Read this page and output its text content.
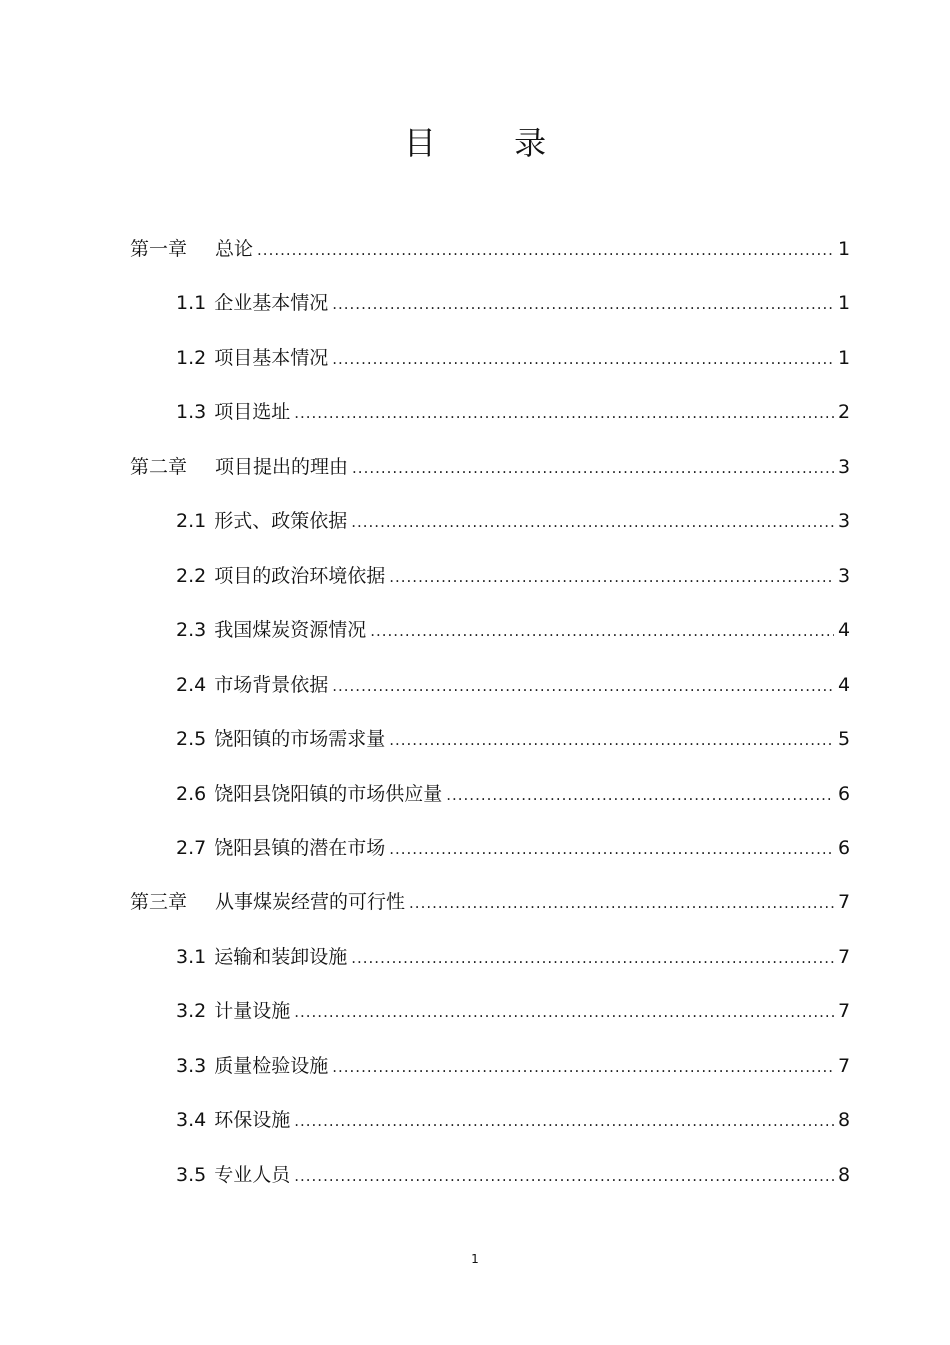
目 录
第一章 总论 .....	1
1.1 企业基本情况 .....	1
1.2 项目基本情况 .....	1
1.3 项目选址 .....	2
第二章 项目提出的理由 .....	3
2.1 形式、政策依据 .....	3
2.2 项目的政治环境依据 .....	3
2.3 我国煤炭资源情况 .....	4
2.4 市场背景依据 .....	4
2.5 饶阳镇的市场需求量 .....	5
2.6 饶阳县饶阳镇的市场供应量 .....	6
2.7 饶阳县镇的潜在市场 .....	6
第三章 从事煤炭经营的可行性 .....	7
3.1 运输和装卸设施 .....	7
3.2 计量设施 .....	7
3.3 质量检验设施 .....	7
3.4 环保设施 .....	8
3.5 专业人员 .....	8
1
